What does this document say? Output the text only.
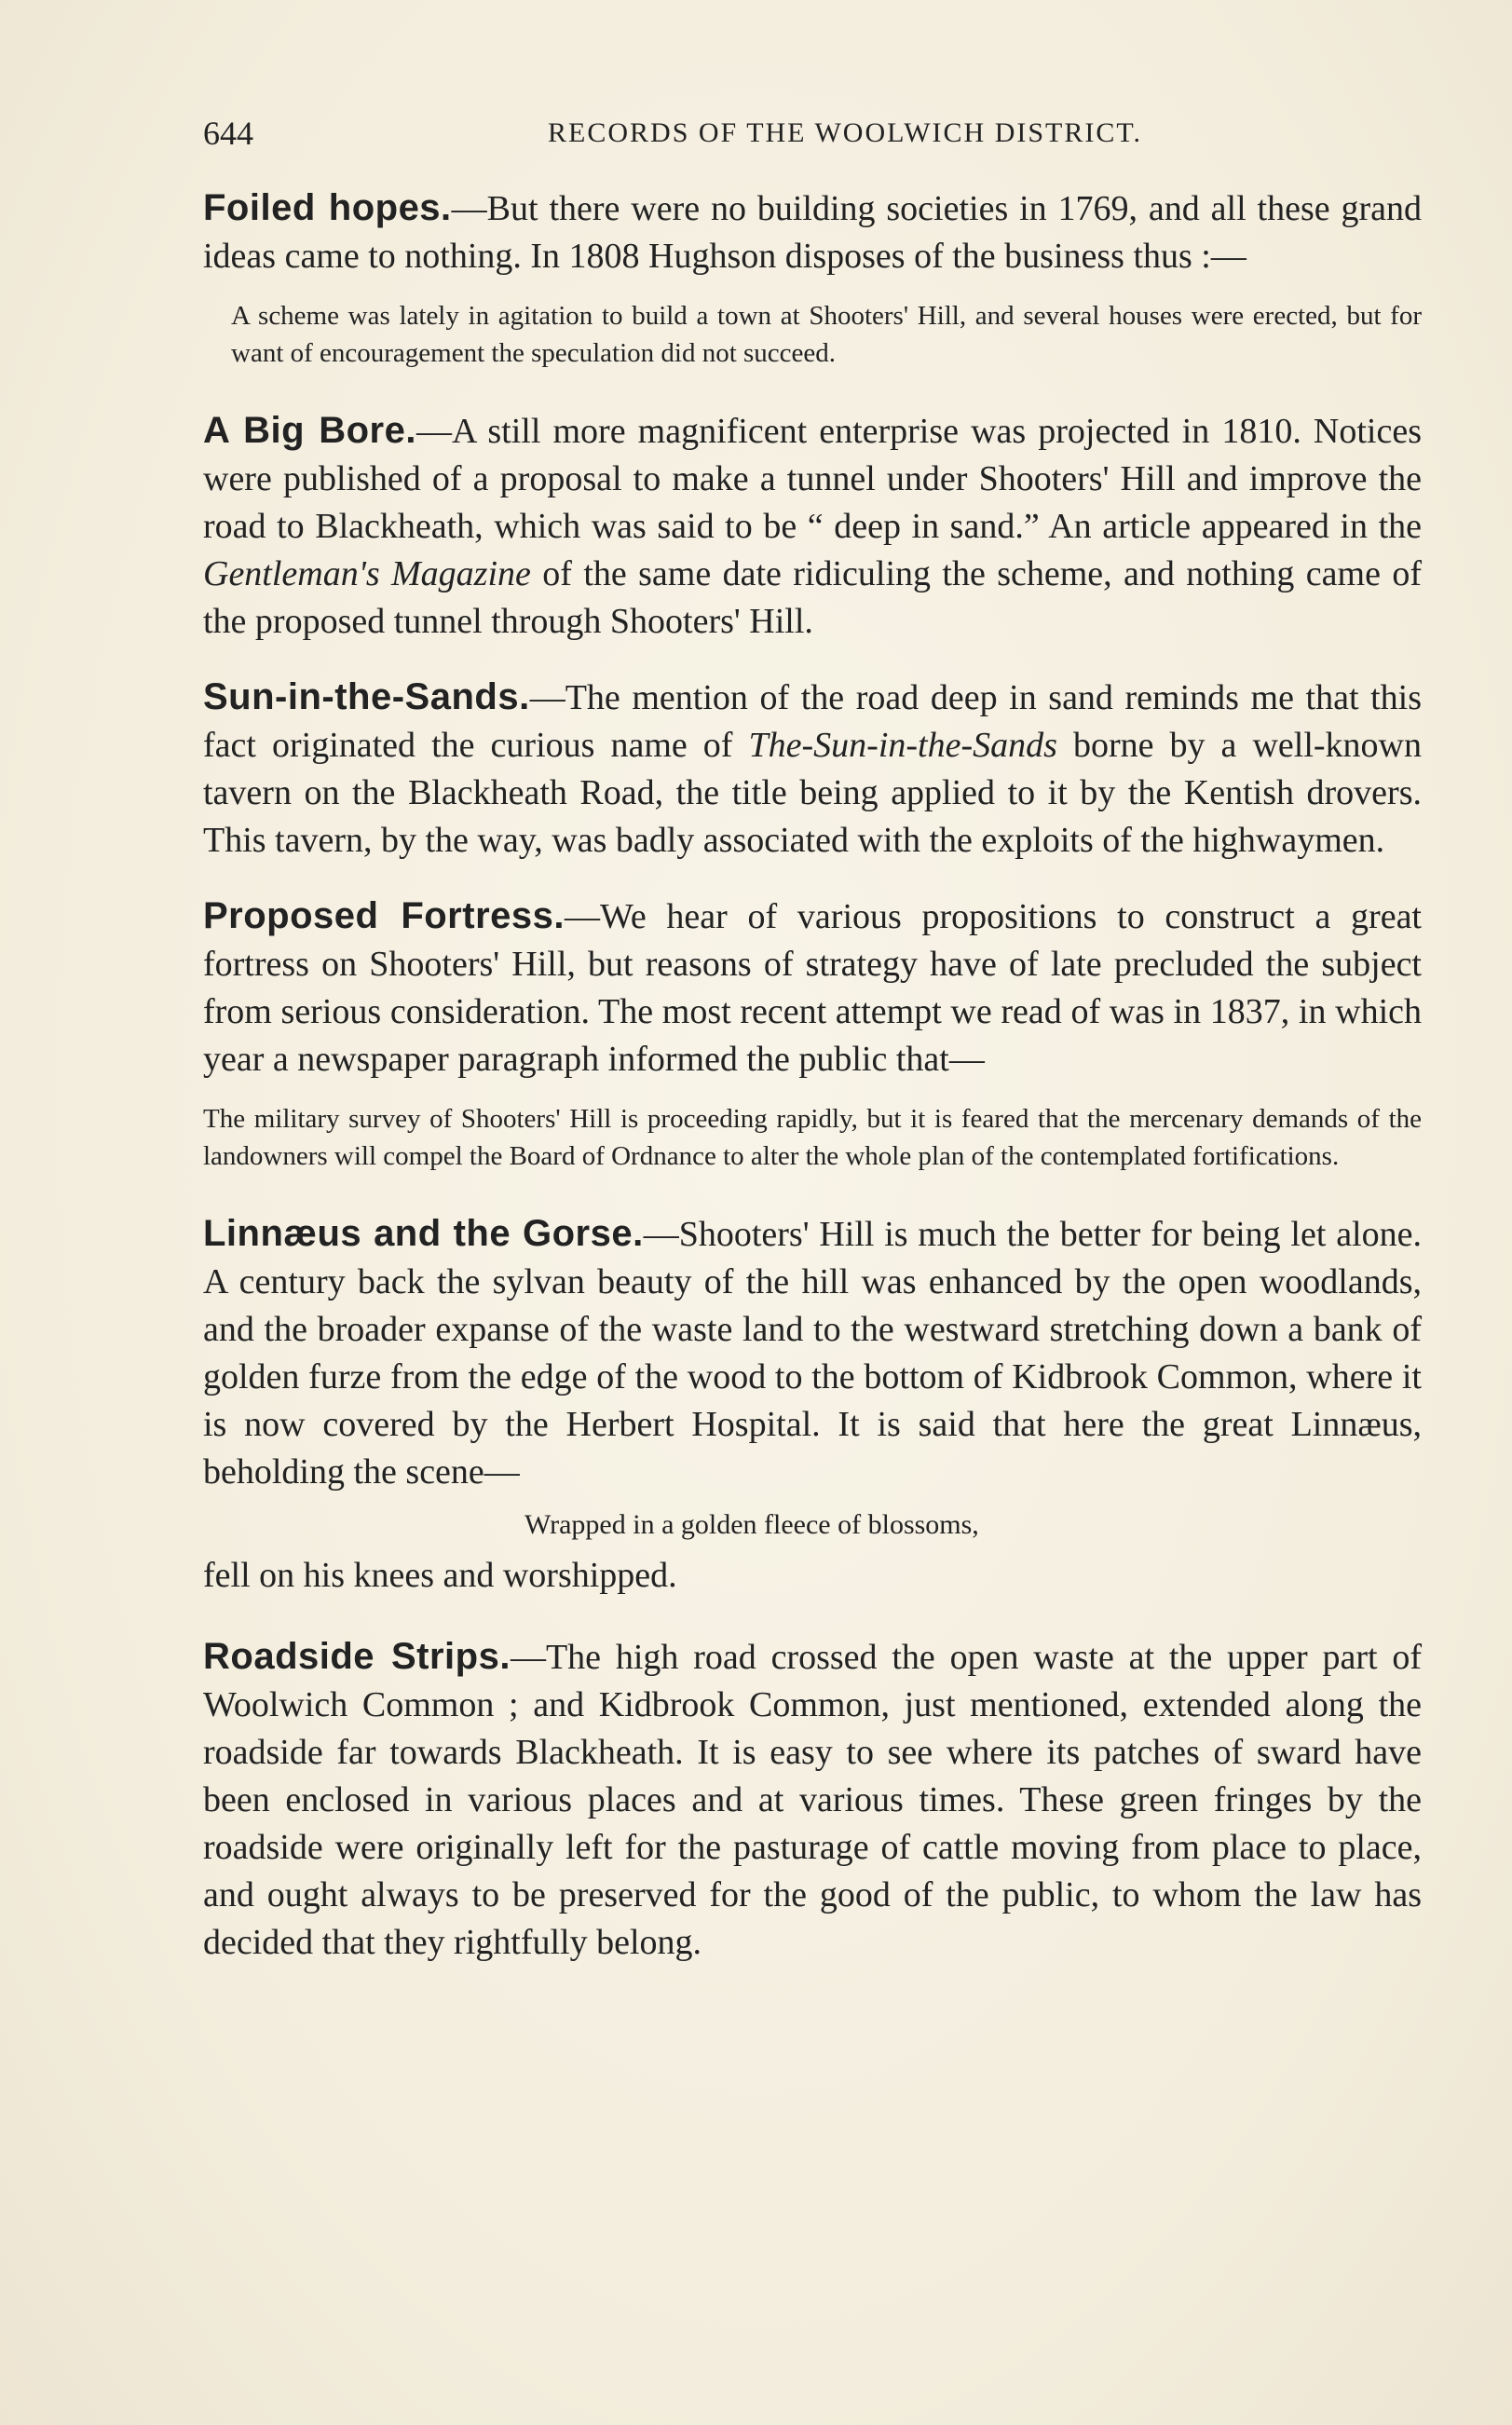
644	RECORDS OF THE WOOLWICH DISTRICT.

Foiled hopes.—But there were no building societies in 1769, and all these grand ideas came to nothing. In 1808 Hughson disposes of the business thus :—

A scheme was lately in agitation to build a town at Shooters' Hill, and several houses were erected, but for want of encouragement the speculation did not succeed.

A Big Bore.—A still more magnificent enterprise was projected in 1810. Notices were published of a proposal to make a tunnel under Shooters' Hill and improve the road to Blackheath, which was said to be “ deep in sand.” An article appeared in the Gentleman's Magazine of the same date ridiculing the scheme, and nothing came of the proposed tunnel through Shooters' Hill.

Sun-in-the-Sands.—The mention of the road deep in sand reminds me that this fact originated the curious name of The-Sun-in-the-Sands borne by a well-known tavern on the Blackheath Road, the title being applied to it by the Kentish drovers. This tavern, by the way, was badly associated with the exploits of the highwaymen.

Proposed Fortress.—We hear of various propositions to construct a great fortress on Shooters' Hill, but reasons of strategy have of late precluded the subject from serious consideration. The most recent attempt we read of was in 1837, in which year a newspaper paragraph informed the public that—

The military survey of Shooters' Hill is proceeding rapidly, but it is feared that the mercenary demands of the landowners will compel the Board of Ordnance to alter the whole plan of the contemplated fortifications.

Linnæus and the Gorse.—Shooters' Hill is much the better for being let alone. A century back the sylvan beauty of the hill was enhanced by the open woodlands, and the broader expanse of the waste land to the westward stretching down a bank of golden furze from the edge of the wood to the bottom of Kidbrook Common, where it is now covered by the Herbert Hospital. It is said that here the great Linnæus, beholding the scene—

Wrapped in a golden fleece of blossoms,
fell on his knees and worshipped.

Roadside Strips.—The high road crossed the open waste at the upper part of Woolwich Common ; and Kidbrook Common, just mentioned, extended along the roadside far towards Blackheath. It is easy to see where its patches of sward have been enclosed in various places and at various times. These green fringes by the roadside were originally left for the pasturage of cattle moving from place to place, and ought always to be preserved for the good of the public, to whom the law has decided that they rightfully belong.
